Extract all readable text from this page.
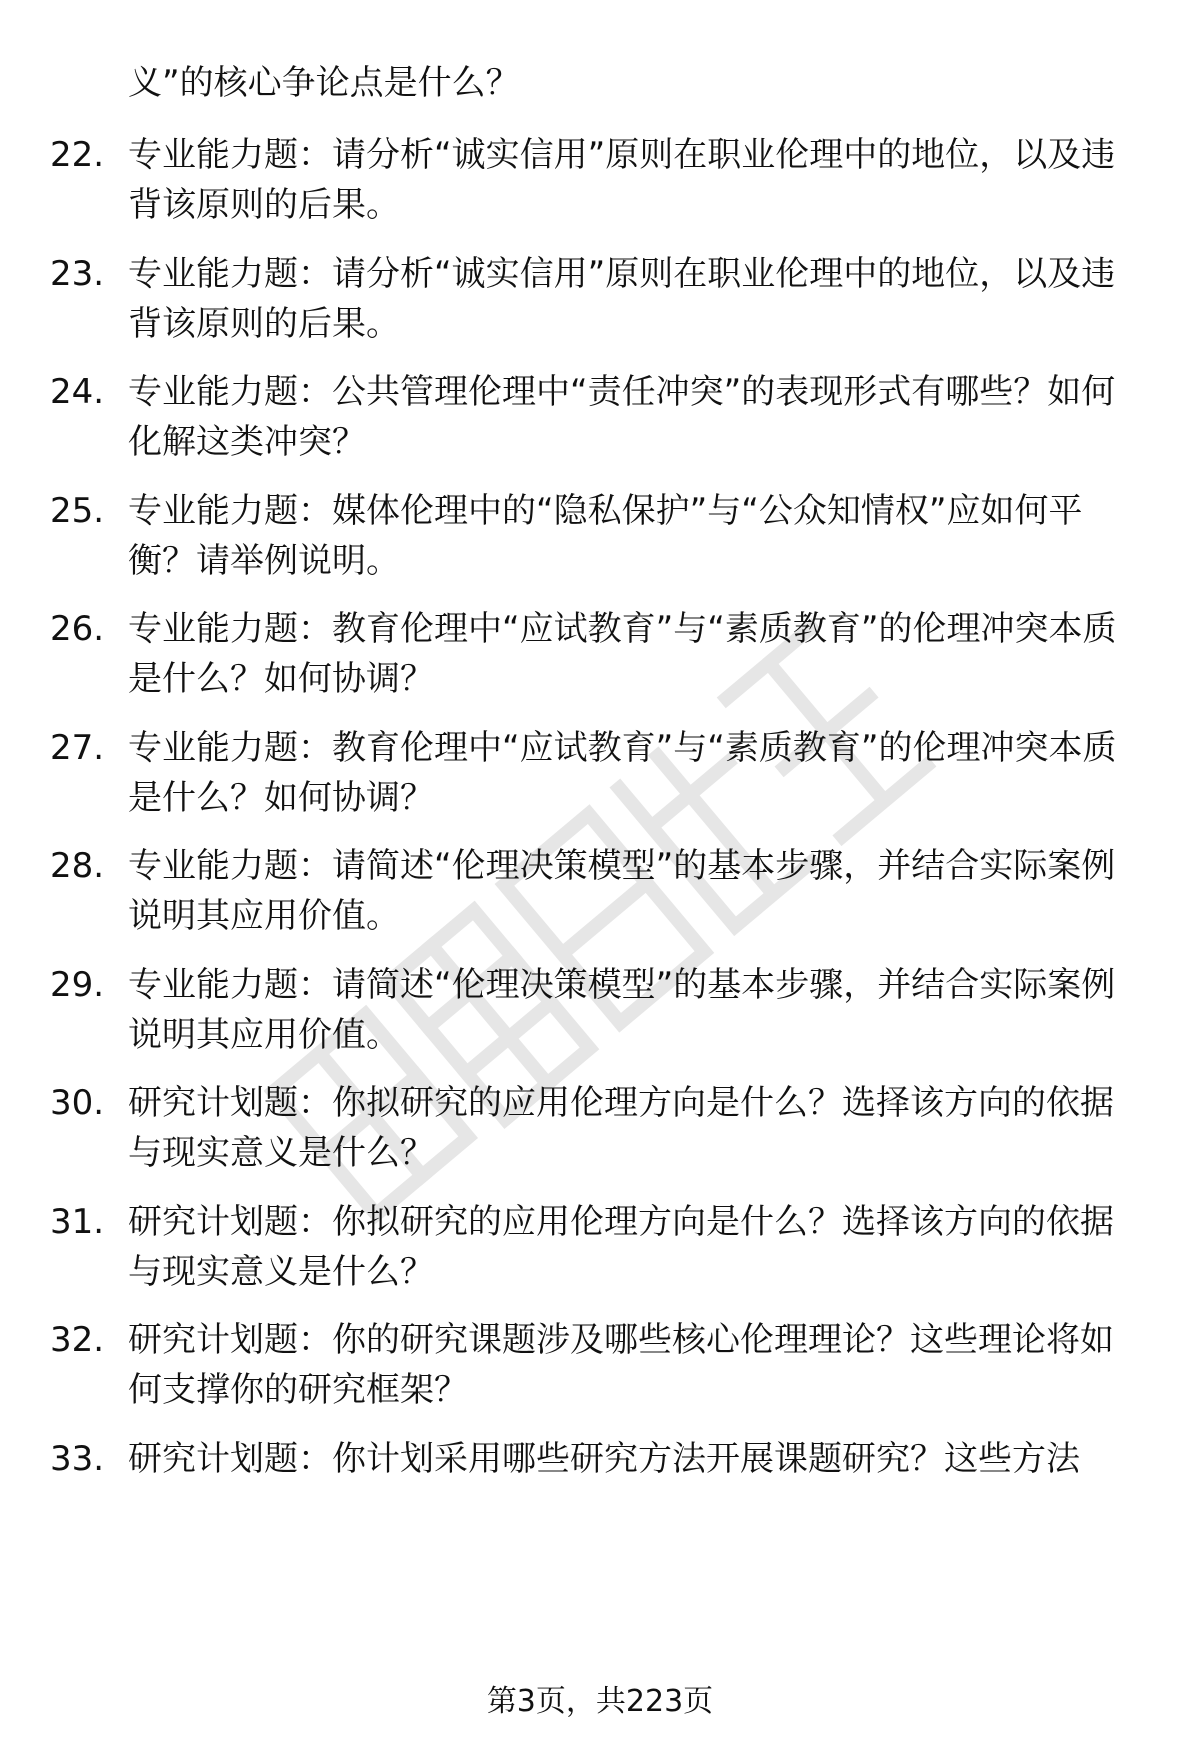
义”的核心争论点是什么？

22. 专业能力题：请分析“诚实信用”原则在职业伦理中的地位，以及违背该原则的后果。

23. 专业能力题：请分析“诚实信用”原则在职业伦理中的地位，以及违背该原则的后果。

24. 专业能力题：公共管理伦理中“责任冲突”的表现形式有哪些？如何化解这类冲突？

25. 专业能力题：媒体伦理中的“隐私保护”与“公众知情权”应如何平衡？请举例说明。

26. 专业能力题：教育伦理中“应试教育”与“素质教育”的伦理冲突本质是什么？如何协调？

27. 专业能力题：教育伦理中“应试教育”与“素质教育”的伦理冲突本质是什么？如何协调？

28. 专业能力题：请简述“伦理决策模型”的基本步骤，并结合实际案例说明其应用价值。

29. 专业能力题：请简述“伦理决策模型”的基本步骤，并结合实际案例说明其应用价值。

30. 研究计划题：你拟研究的应用伦理方向是什么？选择该方向的依据与现实意义是什么？

31. 研究计划题：你拟研究的应用伦理方向是什么？选择该方向的依据与现实意义是什么？

32. 研究计划题：你的研究课题涉及哪些核心伦理理论？这些理论将如何支撑你的研究框架？

33. 研究计划题：你计划采用哪些研究方法开展课题研究？这些方法

第3页，共223页
